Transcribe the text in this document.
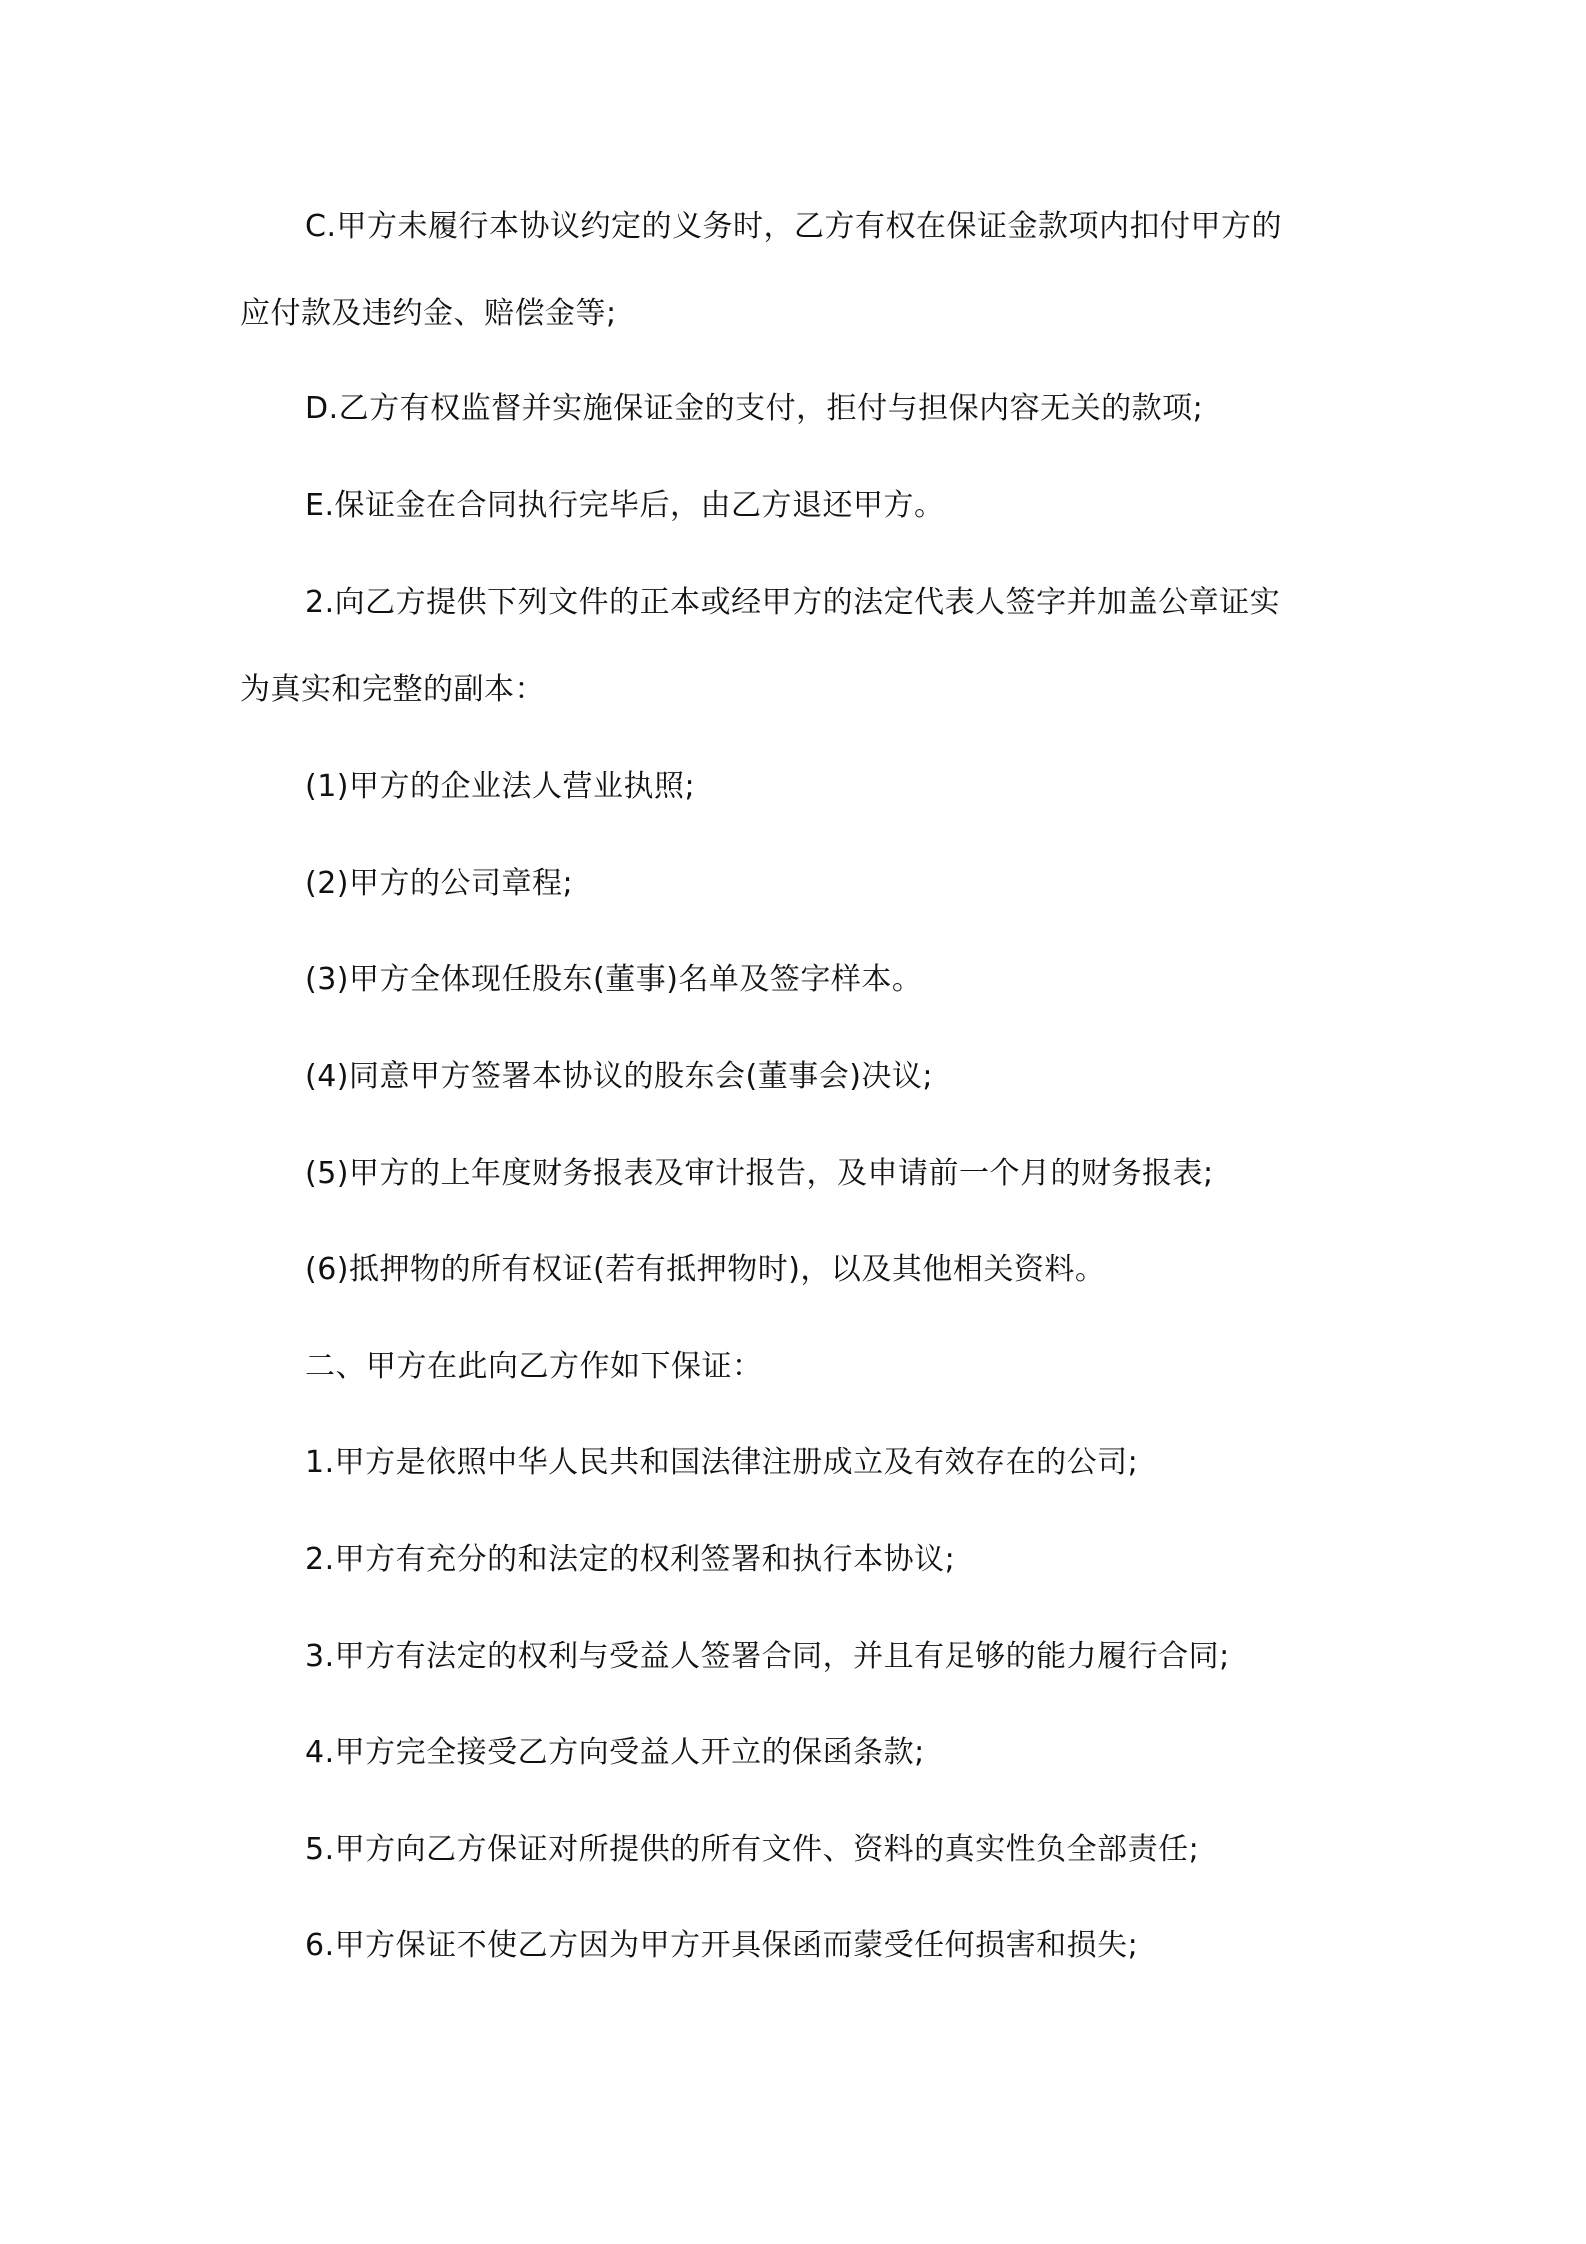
C.甲方未履行本协议约定的义务时，乙方有权在保证金款项内扣付甲方的
应付款及违约金、赔偿金等;
D.乙方有权监督并实施保证金的支付，拒付与担保内容无关的款项;
E.保证金在合同执行完毕后，由乙方退还甲方。
2.向乙方提供下列文件的正本或经甲方的法定代表人签字并加盖公章证实
为真实和完整的副本：
(1)甲方的企业法人营业执照;
(2)甲方的公司章程;
(3)甲方全体现任股东(董事)名单及签字样本。
(4)同意甲方签署本协议的股东会(董事会)决议;
(5)甲方的上年度财务报表及审计报告，及申请前一个月的财务报表;
(6)抵押物的所有权证(若有抵押物时)，以及其他相关资料。
二、甲方在此向乙方作如下保证：
1.甲方是依照中华人民共和国法律注册成立及有效存在的公司;
2.甲方有充分的和法定的权利签署和执行本协议;
3.甲方有法定的权利与受益人签署合同，并且有足够的能力履行合同;
4.甲方完全接受乙方向受益人开立的保函条款;
5.甲方向乙方保证对所提供的所有文件、资料的真实性负全部责任;
6.甲方保证不使乙方因为甲方开具保函而蒙受任何损害和损失;
